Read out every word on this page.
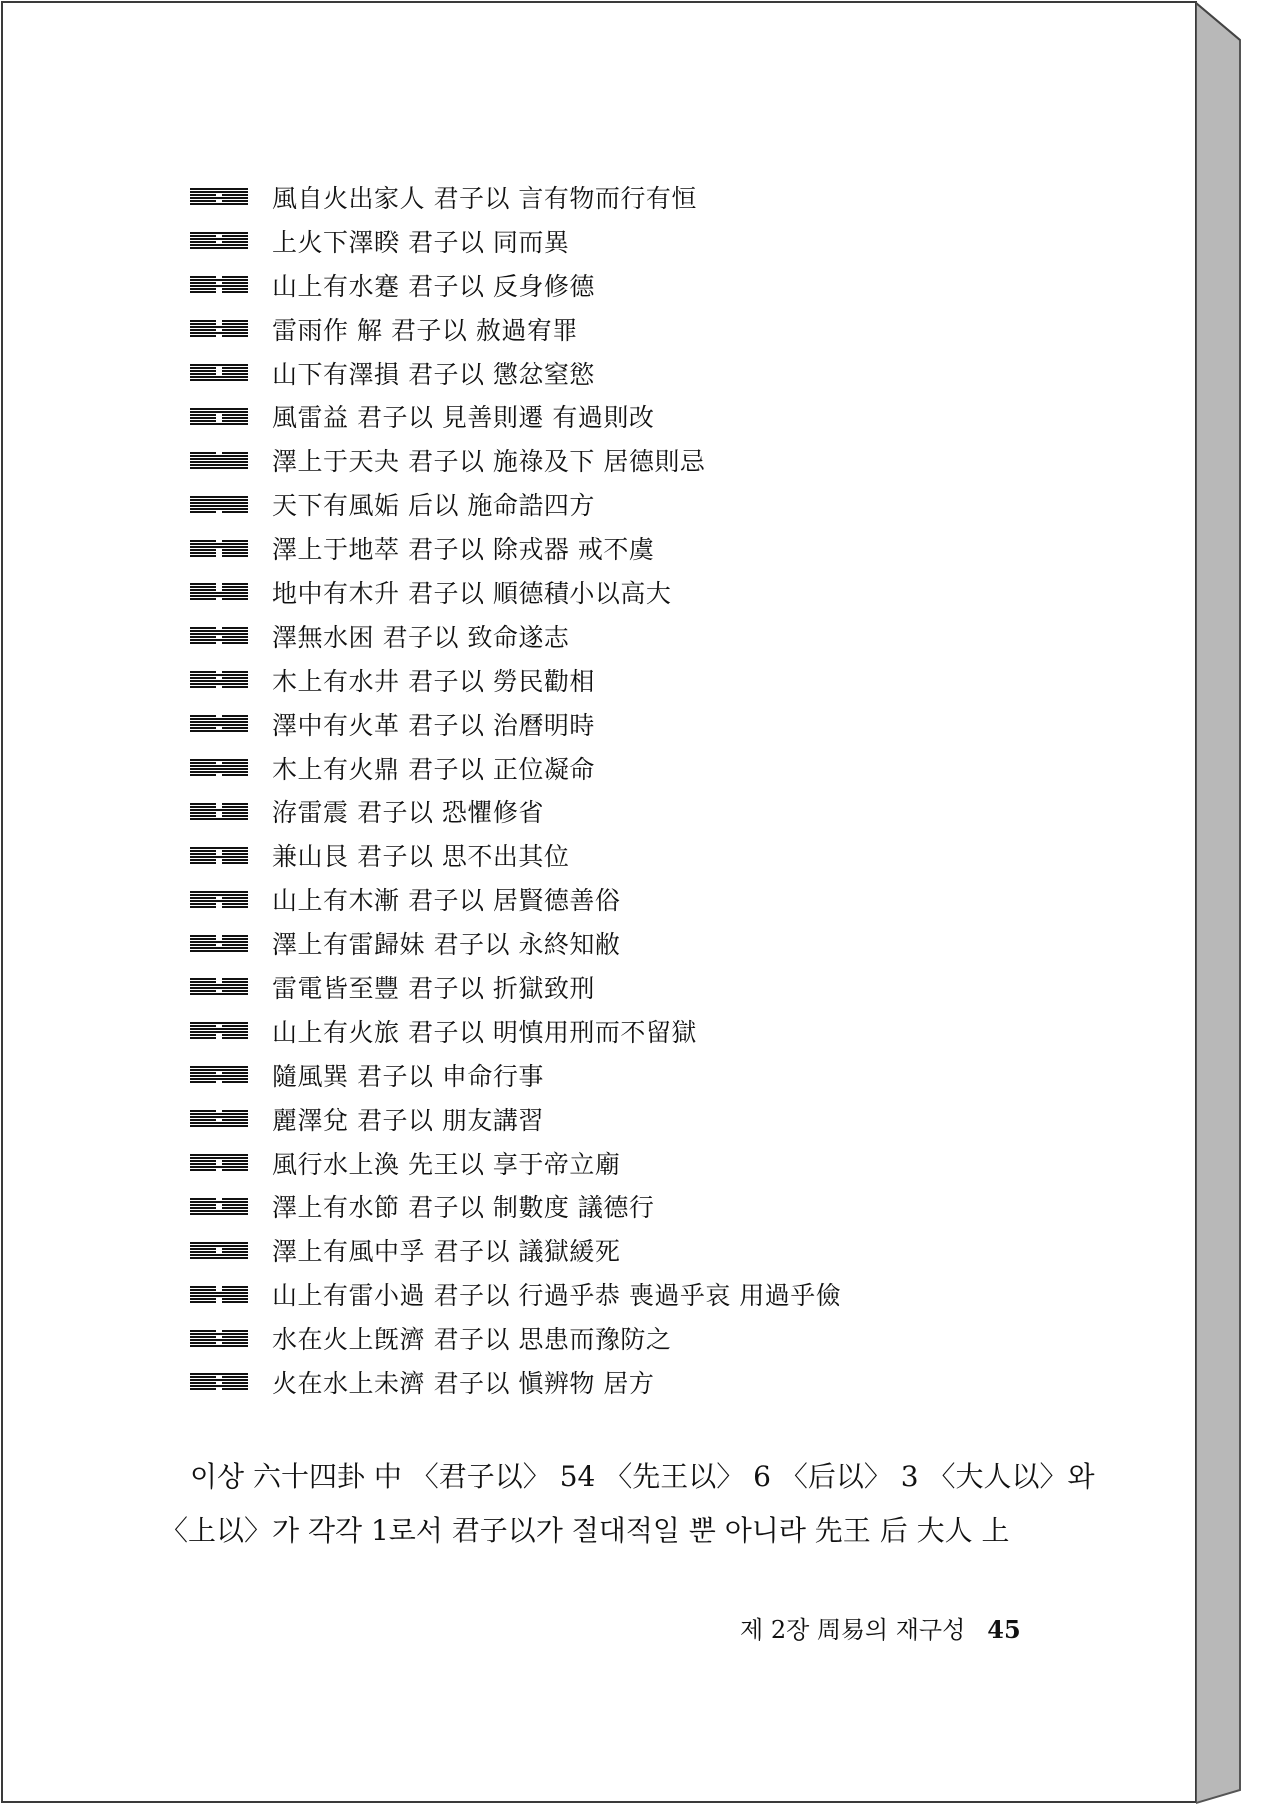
風自火出家人 君子以 言有物而行有恒
上火下澤睽 君子以 同而異
山上有水蹇 君子以 反身修德
雷雨作 解 君子以 赦過宥罪
山下有澤損 君子以 懲忿窒慾
風雷益 君子以 見善則遷 有過則改
澤上于天夬 君子以 施祿及下 居德則忌
天下有風姤 后以 施命誥四方
澤上于地萃 君子以 除戎器 戒不虞
地中有木升 君子以 順德積小以高大
澤無水困 君子以 致命遂志
木上有水井 君子以 勞民勸相
澤中有火革 君子以 治曆明時
木上有火鼎 君子以 正位凝命
洊雷震 君子以 恐懼修省
兼山艮 君子以 思不出其位
山上有木漸 君子以 居賢德善俗
澤上有雷歸妹 君子以 永終知敝
雷電皆至豐 君子以 折獄致刑
山上有火旅 君子以 明慎用刑而不留獄
隨風巽 君子以 申命行事
麗澤兌 君子以 朋友講習
風行水上渙 先王以 享于帝立廟
澤上有水節 君子以 制數度 議德行
澤上有風中孚 君子以 議獄緩死
山上有雷小過 君子以 行過乎恭 喪過乎哀 用過乎儉
水在火上旣濟 君子以 思患而豫防之
火在水上未濟 君子以 愼辨物 居方

이상 六十四卦 中 〈君子以〉 54 〈先王以〉 6 〈后以〉 3 〈大人以〉와

〈上以〉가 각각 1로서 君子以가 절대적일 뿐 아니라 先王 后 大人 上

제 2장 周易의 재구성 45
